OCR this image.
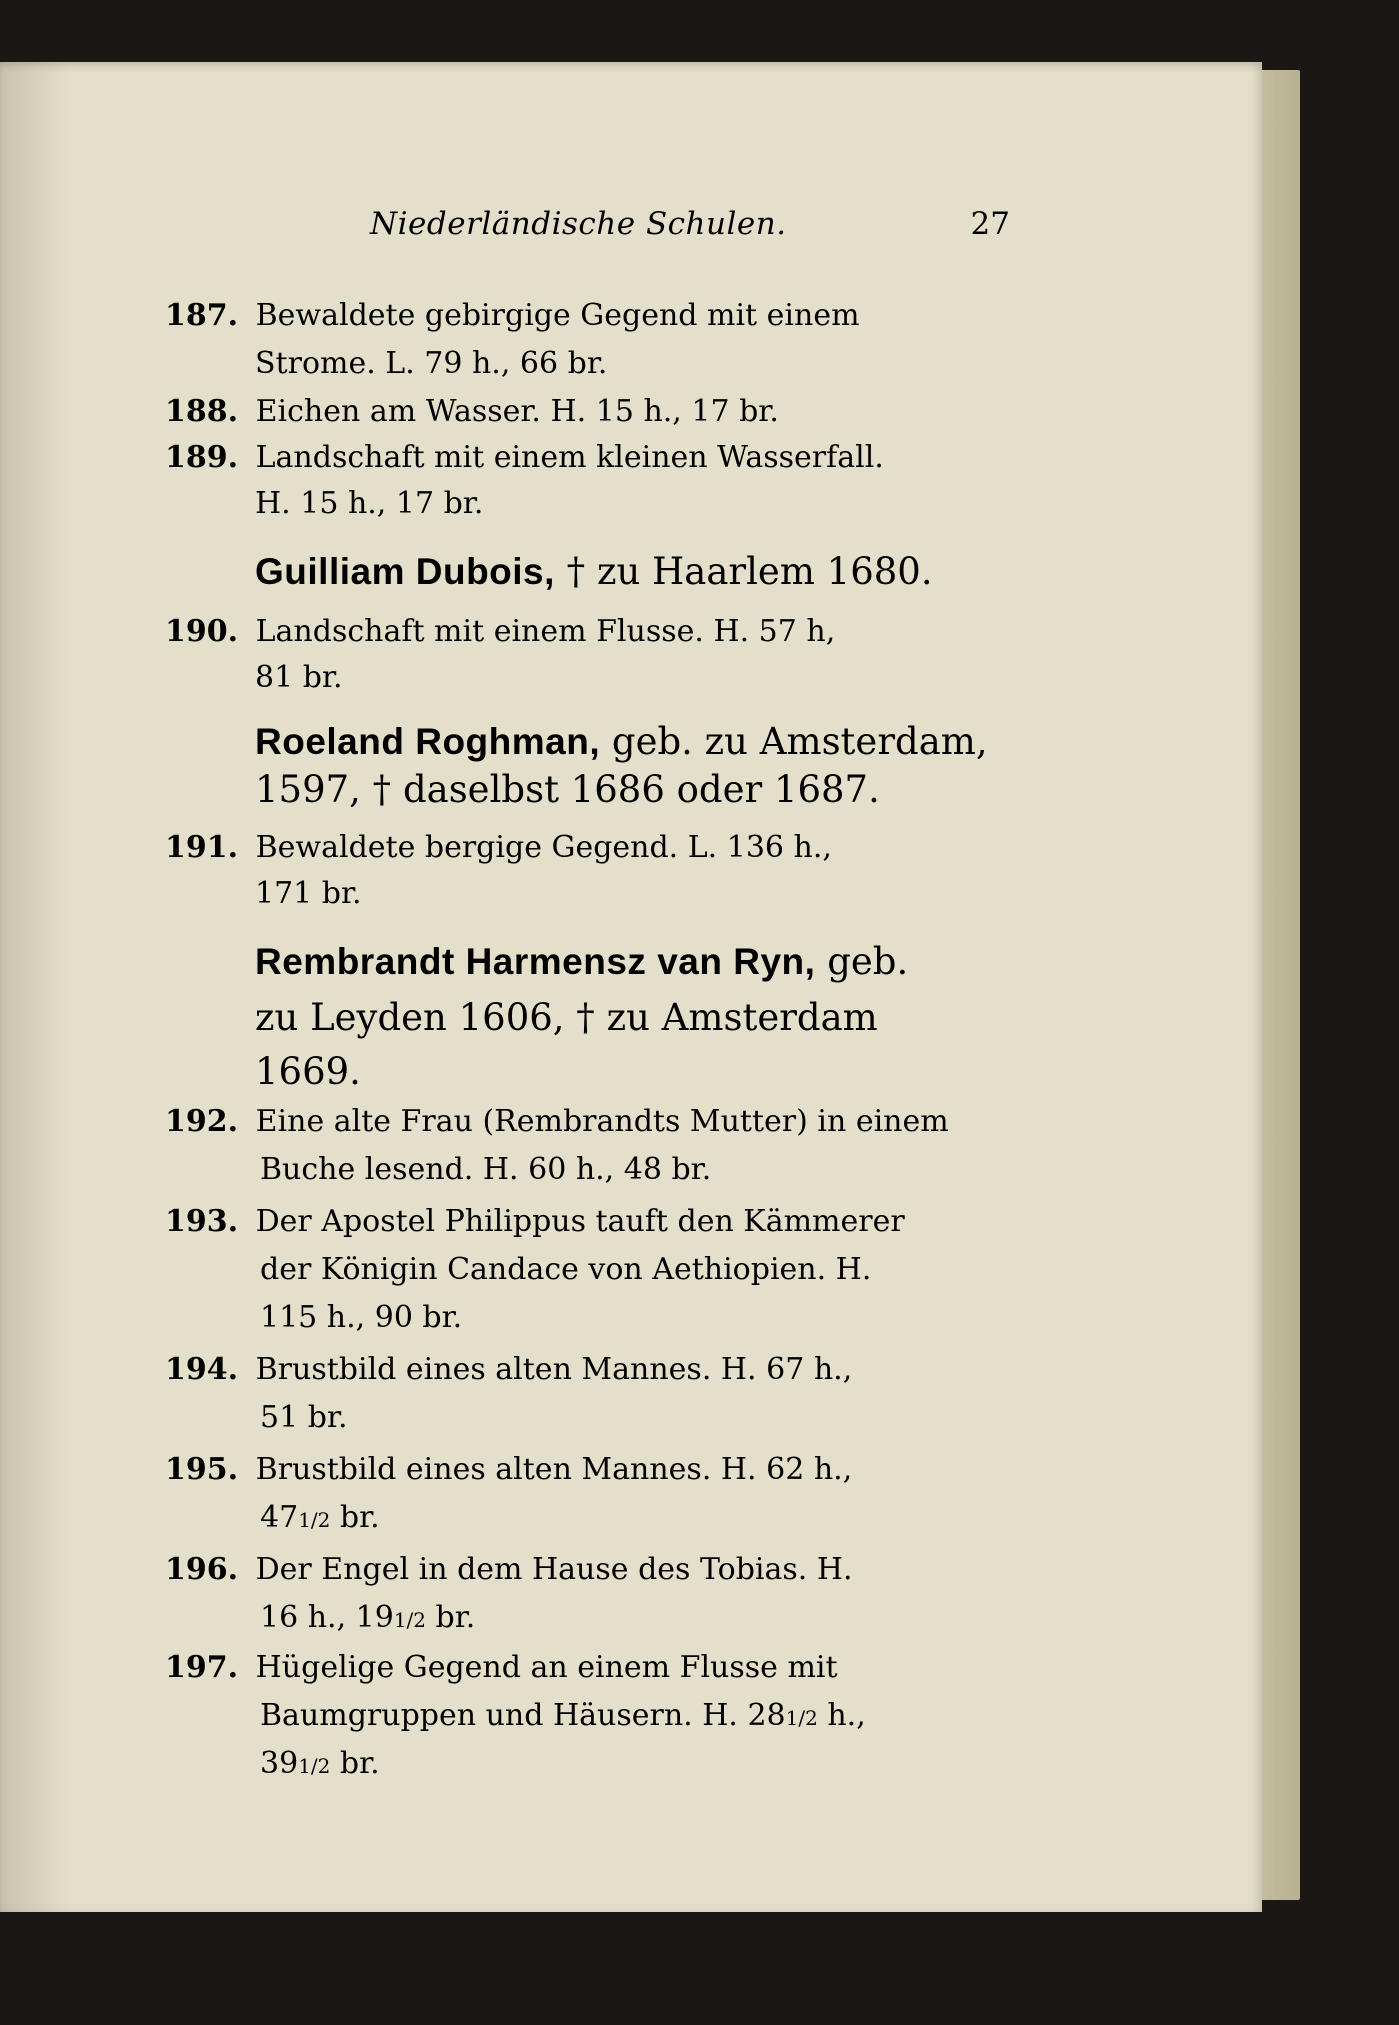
Niederländische Schulen.	27
187. Bewaldete gebirgige Gegend mit einem
Strome. L. 79 h., 66 br.
188. Eichen am Wasser. H. 15 h., 17 br.
189. Landschaft mit einem kleinen Wasserfall.
H. 15 h., 17 br.
Guilliam Dubois, † zu Haarlem 1680.
190. Landschaft mit einem Flusse. H. 57 h,
81 br.
Roeland Roghman, geb. zu Amsterdam,
1597, † daselbst 1686 oder 1687.
191. Bewaldete bergige Gegend. L. 136 h.,
171 br.
Rembrandt Harmensz van Ryn, geb.
zu Leyden 1606, † zu Amsterdam
1669.
192. Eine alte Frau (Rembrandts Mutter) in einem
Buche lesend. H. 60 h., 48 br.
193. Der Apostel Philippus tauft den Kämmerer
der Königin Candace von Aethiopien. H.
115 h., 90 br.
194. Brustbild eines alten Mannes. H. 67 h.,
51 br.
195. Brustbild eines alten Mannes. H. 62 h.,
471/2 br.
196. Der Engel in dem Hause des Tobias. H.
16 h., 191/2 br.
197. Hügelige Gegend an einem Flusse mit
Baumgruppen und Häusern. H. 281/2 h.,
391/2 br.
